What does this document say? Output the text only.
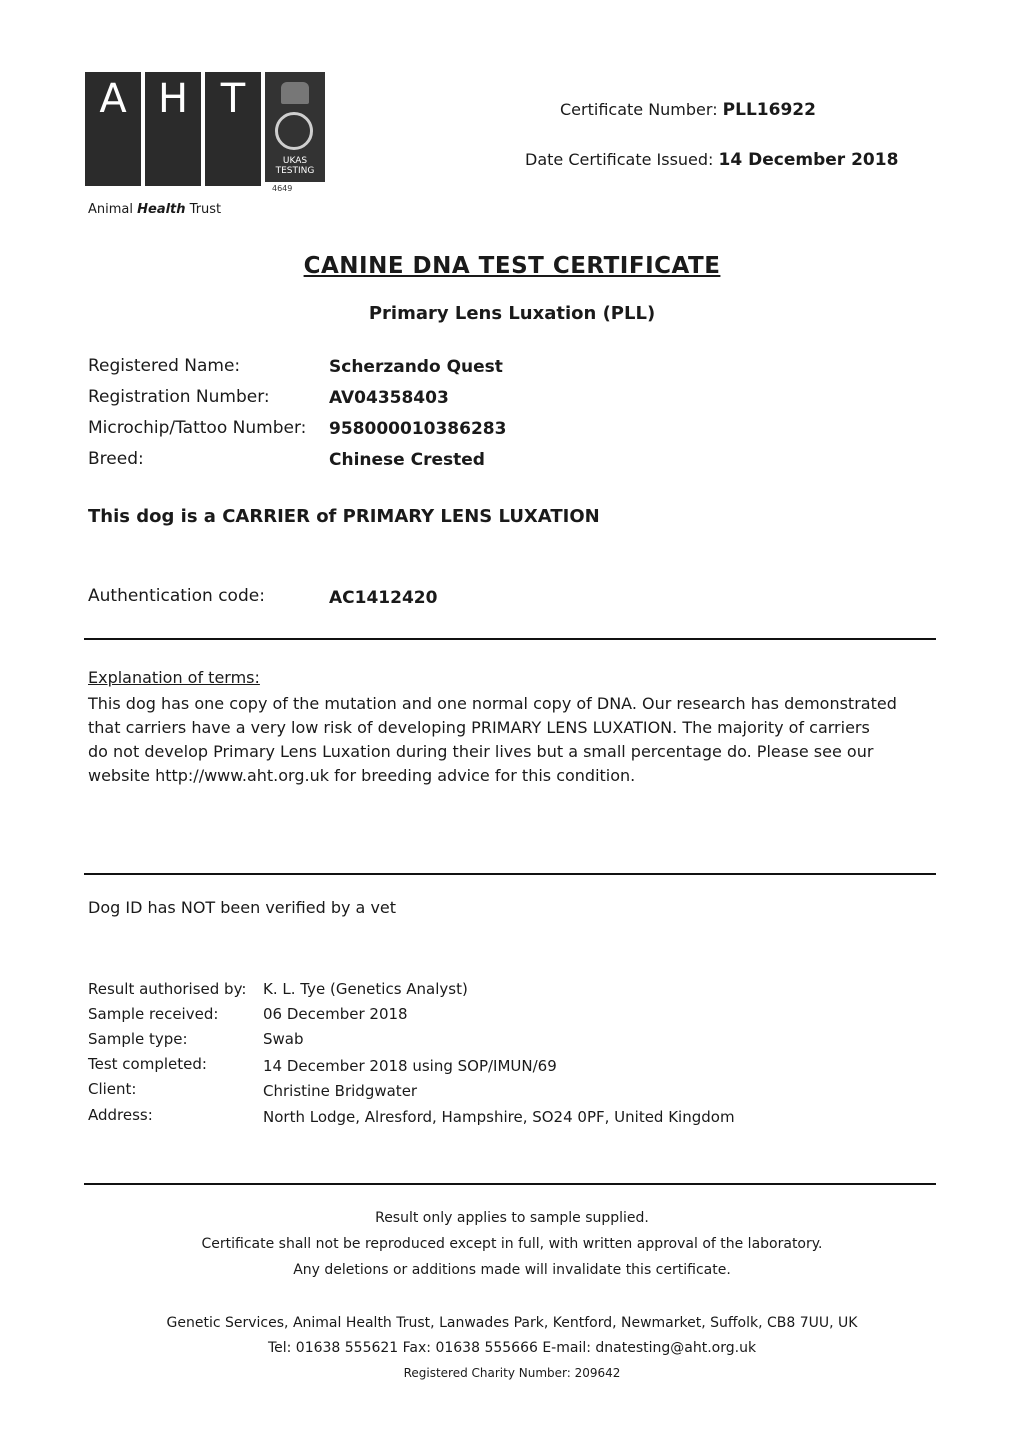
A H T
UKAS TESTING
4649
Animal Health Trust
Certificate Number: PLL16922
Date Certificate Issued: 14 December 2018
CANINE DNA TEST CERTIFICATE
Primary Lens Luxation (PLL)
Registered Name:	Scherzando Quest
Registration Number:	AV04358403
Microchip/Tattoo Number: 958000010386283
Breed:	Chinese Crested
This dog is a CARRIER of PRIMARY LENS LUXATION
Authentication code:	AC1412420
Explanation of terms:
This dog has one copy of the mutation and one normal copy of DNA. Our research has demonstrated
that carriers have a very low risk of developing PRIMARY LENS LUXATION. The majority of carriers
do not develop Primary Lens Luxation during their lives but a small percentage do. Please see our
website http://www.aht.org.uk for breeding advice for this condition.
Dog ID has NOT been verified by a vet
Result authorised by: K. L. Tye (Genetics Analyst)
Sample received:	06 December 2018
Sample type:	Swab
Test completed:	14 December 2018 using SOP/IMUN/69
Client:	Christine Bridgwater
Address:	North Lodge, Alresford, Hampshire, SO24 0PF, United Kingdom
Result only applies to sample supplied.
Certificate shall not be reproduced except in full, with written approval of the laboratory.
Any deletions or additions made will invalidate this certificate.
Genetic Services, Animal Health Trust, Lanwades Park, Kentford, Newmarket, Suffolk, CB8 7UU, UK
Tel: 01638 555621 Fax: 01638 555666 E-mail: dnatesting@aht.org.uk
Registered Charity Number: 209642
